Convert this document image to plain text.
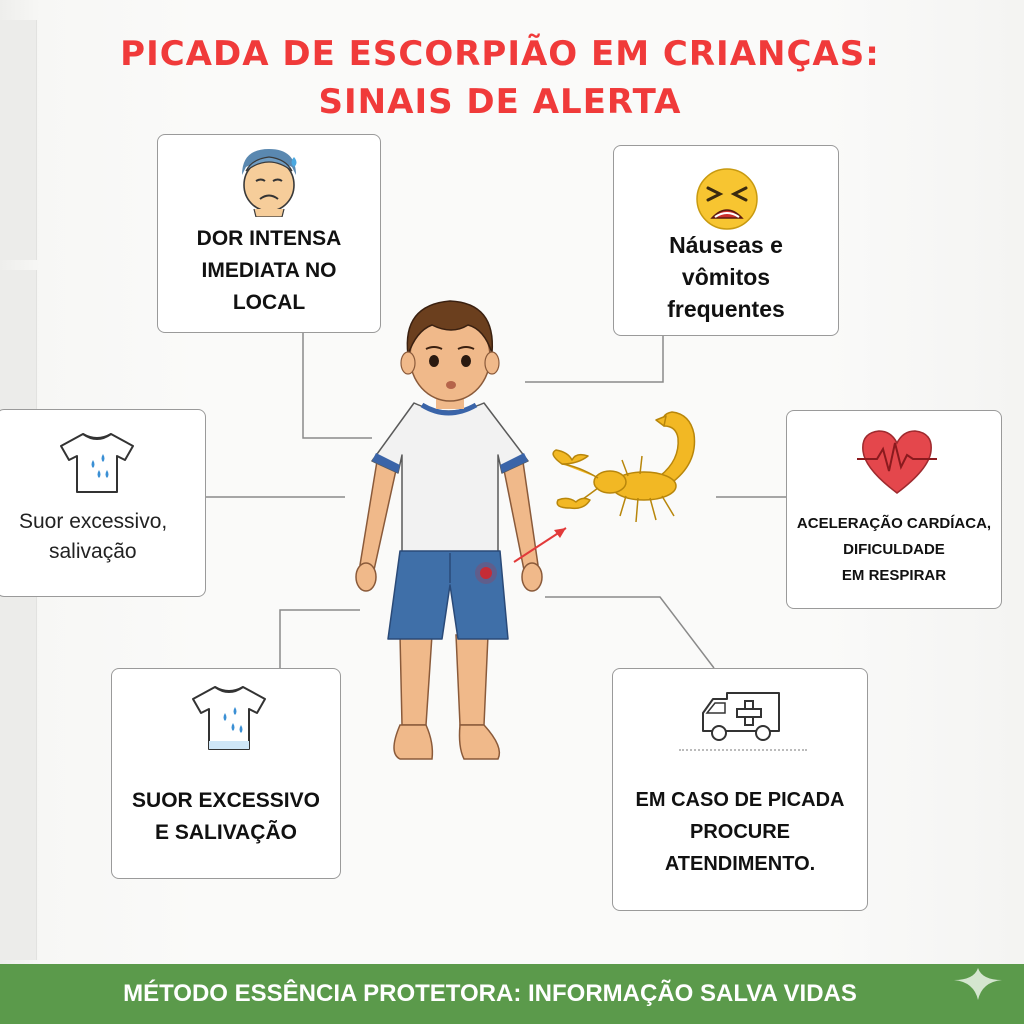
PICADA DE ESCORPIÃO EM CRIANÇAS:
SINAIS DE ALERTA
DOR INTENSA
IMEDIATA NO
LOCAL
Náuseas e
vômitos
frequentes
Suor excessivo,
salivação
ACELERAÇÃO CARDÍACA,
DIFICULDADE
EM RESPIRAR
SUOR EXCESSIVO
E SALIVAÇÃO
EM CASO DE PICADA
PROCURE
ATENDIMENTO.
MÉTODO ESSÊNCIA PROTETORA: INFORMAÇÃO SALVA VIDAS
